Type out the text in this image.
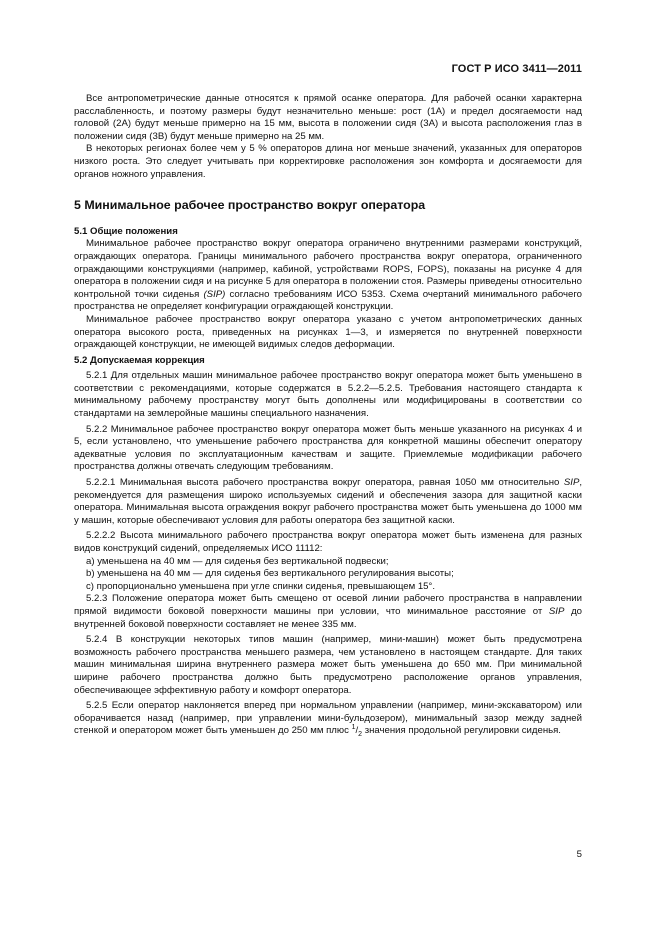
ГОСТ Р ИСО 3411—2011

Все антропометрические данные относятся к прямой осанке оператора. Для рабочей осанки характерна расслабленность, и поэтому размеры будут незначительно меньше: рост (1А) и предел досягаемости над головой (2А) будут меньше примерно на 15 мм, высота в положении сидя (3А) и высота расположения глаз в положении сидя (3В) будут меньше примерно на 25 мм.

В некоторых регионах более чем у 5 % операторов длина ног меньше значений, указанных для операторов низкого роста. Это следует учитывать при корректировке расположения зон комфорта и досягаемости для органов ножного управления.

5 Минимальное рабочее пространство вокруг оператора

5.1 Общие положения

Минимальное рабочее пространство вокруг оператора ограничено внутренними размерами конструкций, ограждающих оператора. Границы минимального рабочего пространства вокруг оператора, ограниченного ограждающими конструкциями (например, кабиной, устройствами ROPS, FOPS), показаны на рисунке 4 для оператора в положении сидя и на рисунке 5 для оператора в положении стоя. Размеры приведены относительно контрольной точки сиденья (SIP) согласно требованиям ИСО 5353. Схема очертаний минимального рабочего пространства не определяет конфигурации ограждающей конструкции.

Минимальное рабочее пространство вокруг оператора указано с учетом антропометрических данных оператора высокого роста, приведенных на рисунках 1—3, и измеряется по внутренней поверхности ограждающей конструкции, не имеющей видимых следов деформации.

5.2 Допускаемая коррекция

5.2.1 Для отдельных машин минимальное рабочее пространство вокруг оператора может быть уменьшено в соответствии с рекомендациями, которые содержатся в 5.2.2—5.2.5. Требования настоящего стандарта к минимальному рабочему пространству могут быть дополнены или модифицированы в соответствии со стандартами на землеройные машины специального назначения.

5.2.2 Минимальное рабочее пространство вокруг оператора может быть меньше указанного на рисунках 4 и 5, если установлено, что уменьшение рабочего пространства для конкретной машины обеспечит оператору адекватные условия по эксплуатационным качествам и защите. Приемлемые модификации рабочего пространства должны отвечать следующим требованиям.

5.2.2.1 Минимальная высота рабочего пространства вокруг оператора, равная 1050 мм относительно SIP, рекомендуется для размещения широко используемых сидений и обеспечения зазора для защитной каски оператора. Минимальная высота ограждения вокруг рабочего пространства может быть уменьшена до 1000 мм у машин, которые обеспечивают условия для работы оператора без защитной каски.

5.2.2.2 Высота минимального рабочего пространства вокруг оператора может быть изменена для разных видов конструкций сидений, определяемых ИСО 11112:

a) уменьшена на 40 мм — для сиденья без вертикальной подвески;

b) уменьшена на 40 мм — для сиденья без вертикального регулирования высоты;

c) пропорционально уменьшена при угле спинки сиденья, превышающем 15°.

5.2.3 Положение оператора может быть смещено от осевой линии рабочего пространства в направлении прямой видимости боковой поверхности машины при условии, что минимальное расстояние от SIP до внутренней боковой поверхности составляет не менее 335 мм.

5.2.4 В конструкции некоторых типов машин (например, мини-машин) может быть предусмотрена возможность рабочего пространства меньшего размера, чем установлено в настоящем стандарте. Для таких машин минимальная ширина внутреннего размера может быть уменьшена до 650 мм. При минимальной ширине рабочего пространства должно быть предусмотрено расположение органов управления, обеспечивающее эффективную работу и комфорт оператора.

5.2.5 Если оператор наклоняется вперед при нормальном управлении (например, мини-экскаватором) или оборачивается назад (например, при управлении мини-бульдозером), минимальный зазор между задней стенкой и оператором может быть уменьшен до 250 мм плюс $^1/_2$ значения продольной регулировки сиденья.

5
